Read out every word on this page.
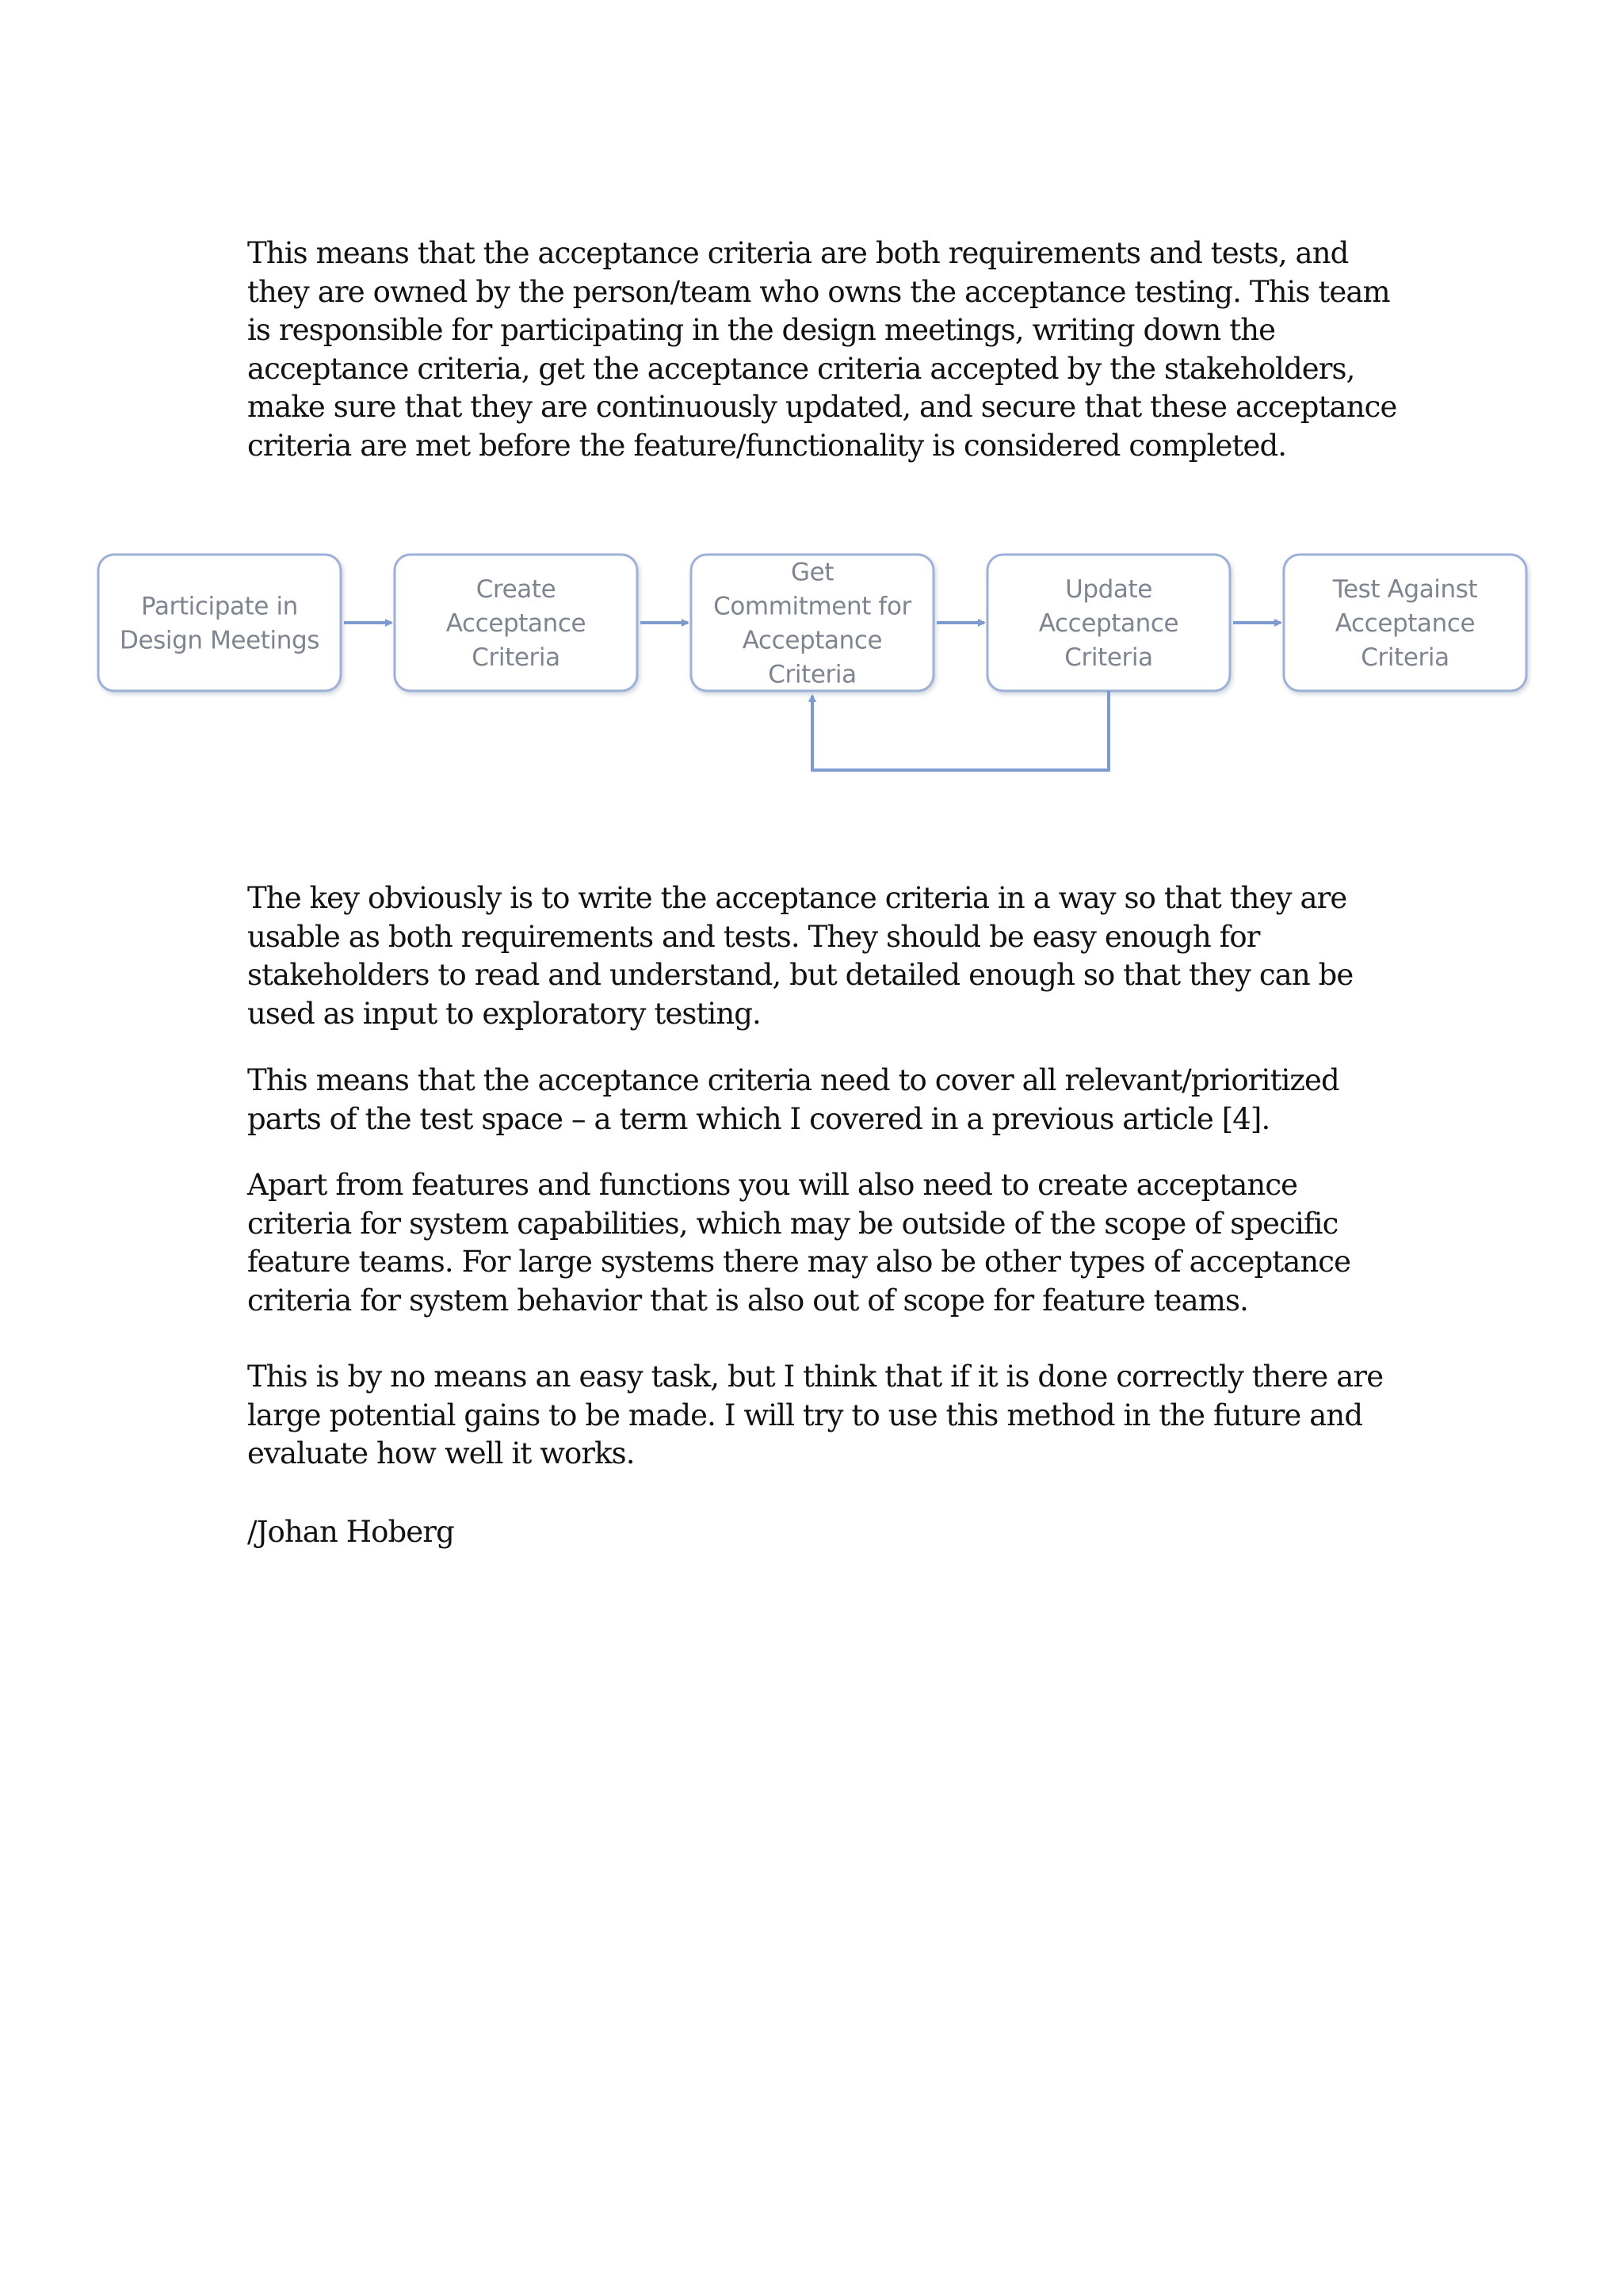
This means that the acceptance criteria are both requirements and tests, and
they are owned by the person/team who owns the acceptance testing. This team
is responsible for participating in the design meetings, writing down the
acceptance criteria, get the acceptance criteria accepted by the stakeholders,
make sure that they are continuously updated, and secure that these acceptance
criteria are met before the feature/functionality is considered completed.
Participate in
Design Meetings
Create
Acceptance
Criteria
Get
Commitment for
Acceptance
Criteria
Update
Acceptance
Criteria
Test Against
Acceptance
Criteria
The key obviously is to write the acceptance criteria in a way so that they are
usable as both requirements and tests. They should be easy enough for
stakeholders to read and understand, but detailed enough so that they can be
used as input to exploratory testing.
This means that the acceptance criteria need to cover all relevant/prioritized
parts of the test space – a term which I covered in a previous article [4].
Apart from features and functions you will also need to create acceptance
criteria for system capabilities, which may be outside of the scope of specific
feature teams. For large systems there may also be other types of acceptance
criteria for system behavior that is also out of scope for feature teams.
This is by no means an easy task, but I think that if it is done correctly there are
large potential gains to be made. I will try to use this method in the future and
evaluate how well it works.
/Johan Hoberg
